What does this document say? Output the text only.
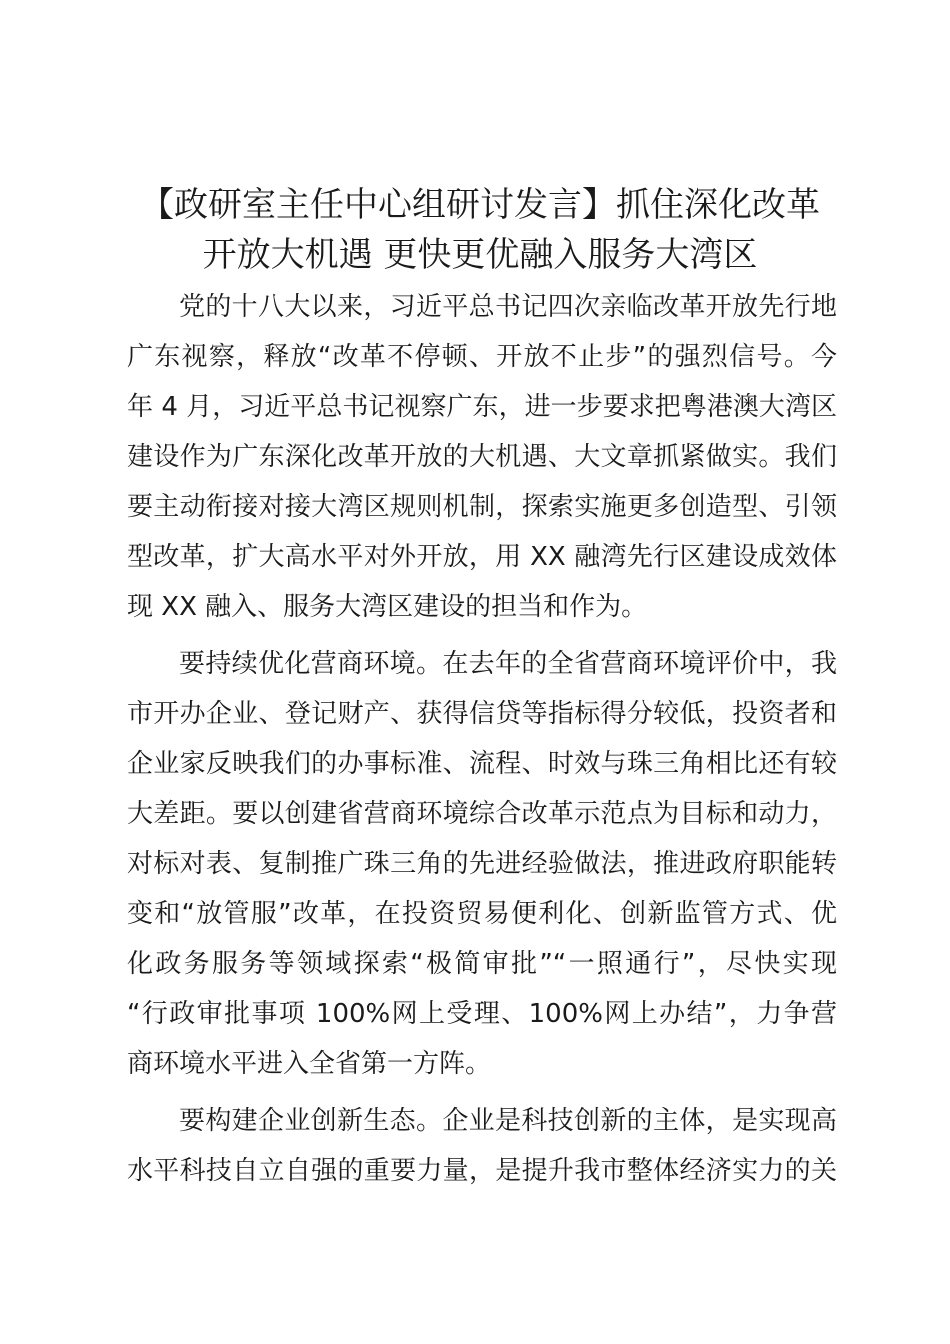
【政研室主任中心组研讨发言】抓住深化改革
开放大机遇 更快更优融入服务大湾区

党的十八大以来，习近平总书记四次亲临改革开放先行地
广东视察，释放“改革不停顿、开放不止步”的强烈信号。今
年 4 月，习近平总书记视察广东，进一步要求把粤港澳大湾区
建设作为广东深化改革开放的大机遇、大文章抓紧做实。我们
要主动衔接对接大湾区规则机制，探索实施更多创造型、引领
型改革，扩大高水平对外开放，用 XX 融湾先行区建设成效体
现 XX 融入、服务大湾区建设的担当和作为。

要持续优化营商环境。在去年的全省营商环境评价中，我
市开办企业、登记财产、获得信贷等指标得分较低，投资者和
企业家反映我们的办事标准、流程、时效与珠三角相比还有较
大差距。要以创建省营商环境综合改革示范点为目标和动力，
对标对表、复制推广珠三角的先进经验做法，推进政府职能转
变和“放管服”改革，在投资贸易便利化、创新监管方式、优
化政务服务等领域探索“极简审批”“一照通行”，尽快实现
“行政审批事项 100%网上受理、100%网上办结”，力争营
商环境水平进入全省第一方阵。

要构建企业创新生态。企业是科技创新的主体，是实现高
水平科技自立自强的重要力量，是提升我市整体经济实力的关
